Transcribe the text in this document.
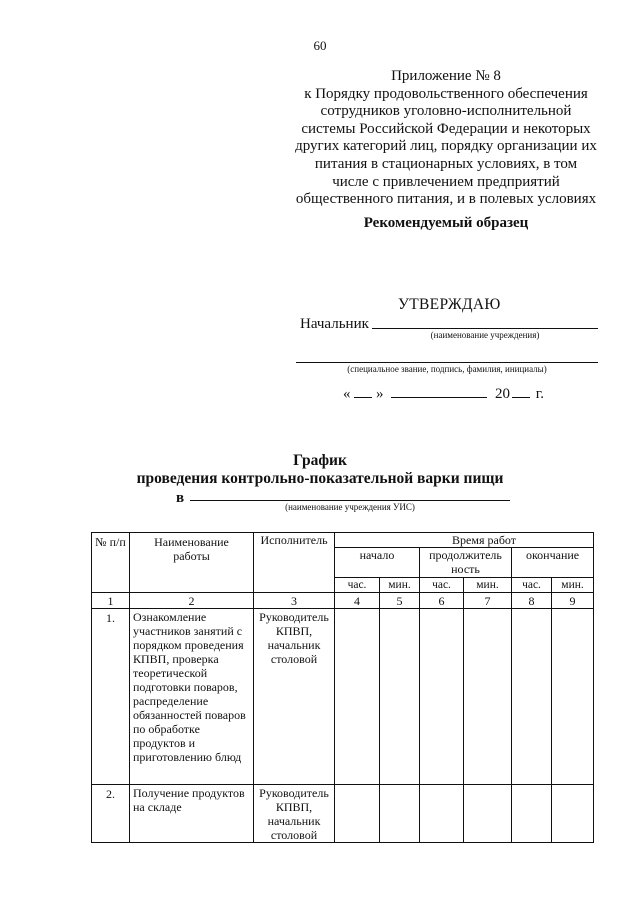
60
Приложение № 8
к Порядку продовольственного обеспечения
сотрудников уголовно-исполнительной
системы Российской Федерации и некоторых
других категорий лиц, порядку организации их
питания в стационарных условиях, в том
числе с привлечением предприятий
общественного питания, и в полевых условиях
Рекомендуемый образец
УТВЕРЖДАЮ
Начальник
(наименование учреждения)
(специальное звание, подпись, фамилия, инициалы)
« »	20 г.
График
проведения контрольно-показательной варки пищи
в
(наименование учреждения УИС)
№ п/п	Наименование работы	Исполнитель	Время работ					
			начало		продолжитель ность		окончание	
			час.	мин.	час.	мин.	час.	мин.
1	2	3	4	5	6	7	8	9
1.	Ознакомление участников занятий с порядком проведения КПВП, проверка теоретической подготовки поваров, распределение обязанностей поваров по обработке продуктов и приготовлению блюд	Руководитель КПВП, начальник столовой						
2.	Получение продуктов на складе	Руководитель КПВП, начальник столовой						
